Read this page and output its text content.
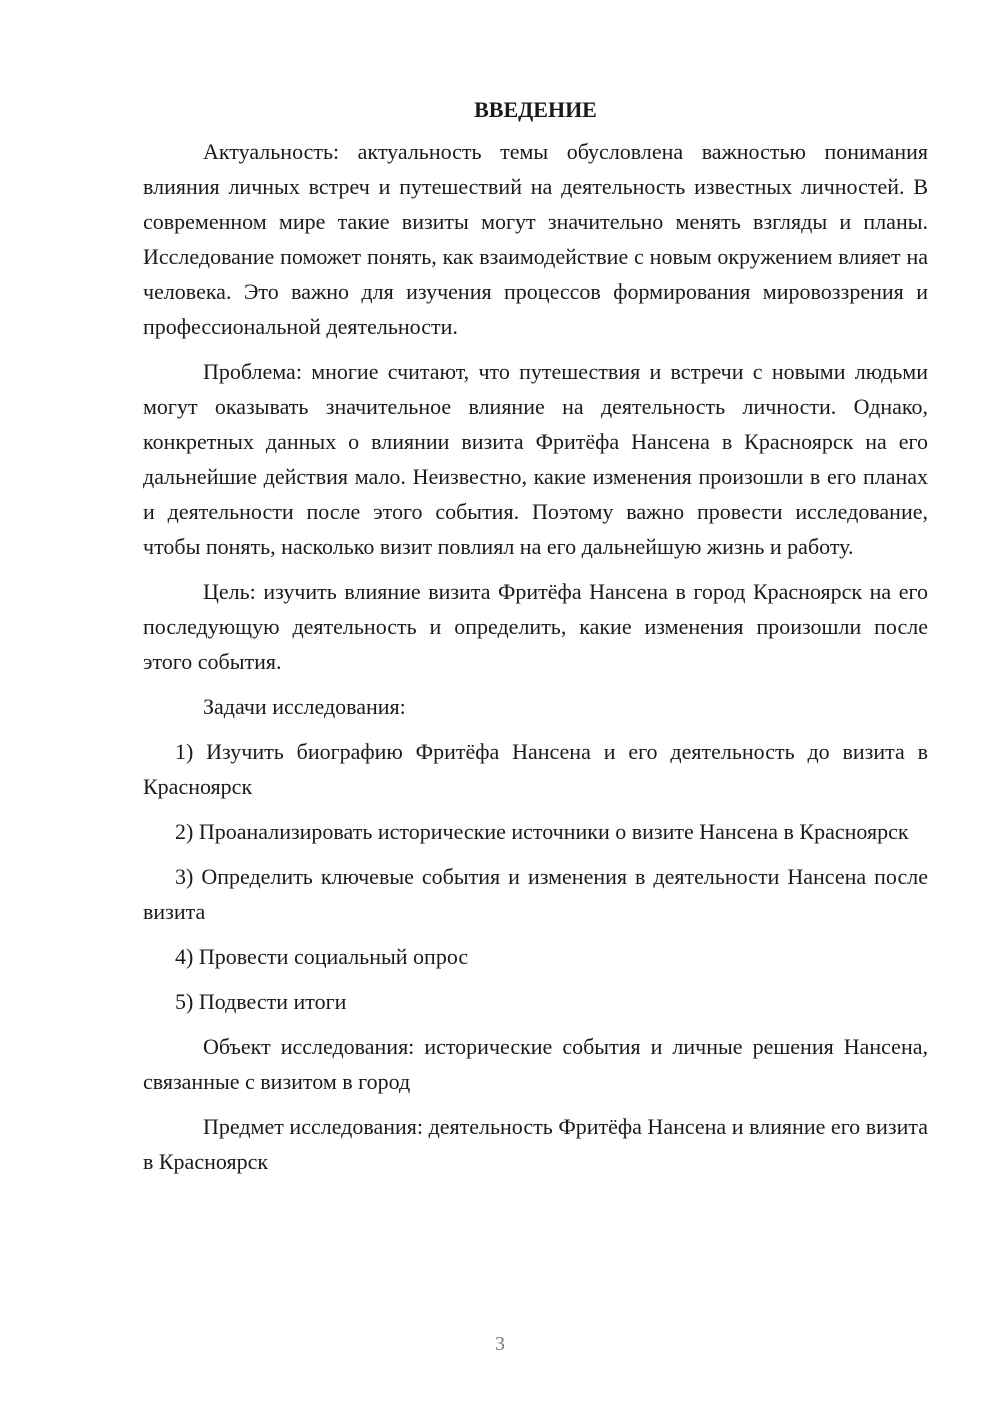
ВВЕДЕНИЕ

Актуальность: актуальность темы обусловлена важностью понимания влияния личных встреч и путешествий на деятельность известных личностей. В современном мире такие визиты могут значительно менять взгляды и планы. Исследование поможет понять, как взаимодействие с новым окружением влияет на человека. Это важно для изучения процессов формирования мировоззрения и профессиональной деятельности.

Проблема: многие считают, что путешествия и встречи с новыми людьми могут оказывать значительное влияние на деятельность личности. Однако, конкретных данных о влиянии визита Фритёфа Нансена в Красноярск на его дальнейшие действия мало. Неизвестно, какие изменения произошли в его планах и деятельности после этого события. Поэтому важно провести исследование, чтобы понять, насколько визит повлиял на его дальнейшую жизнь и работу.

Цель: изучить влияние визита Фритёфа Нансена в город Красноярск на его последующую деятельность и определить, какие изменения произошли после этого события.

Задачи исследования:

1) Изучить биографию Фритёфа Нансена и его деятельность до визита в Красноярск

2) Проанализировать исторические источники о визите Нансена в Красноярск

3) Определить ключевые события и изменения в деятельности Нансена после визита

4) Провести социальный опрос

5) Подвести итоги

Объект исследования: исторические события и личные решения Нансена, связанные с визитом в город

Предмет исследования: деятельность Фритёфа Нансена и влияние его визита в Красноярск

3
